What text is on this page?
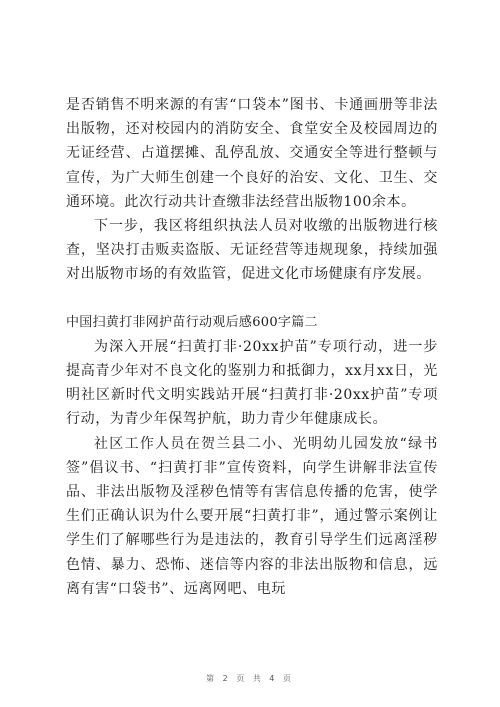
是否销售不明来源的有害“口袋本”图书、卡通画册等非法出版物，还对校园内的消防安全、食堂安全及校园周边的无证经营、占道摆摊、乱停乱放、交通安全等进行整顿与宣传，为广大师生创建一个良好的治安、文化、卫生、交通环境。此次行动共计查缴非法经营出版物100余本。

下一步，我区将组织执法人员对收缴的出版物进行核查，坚决打击贩卖盗版、无证经营等违规现象，持续加强对出版物市场的有效监管，促进文化市场健康有序发展。

中国扫黄打非网护苗行动观后感600字篇二

为深入开展“扫黄打非·20xx护苗”专项行动，进一步提高青少年对不良文化的鉴别力和抵御力，xx月xx日，光明社区新时代文明实践站开展“扫黄打非·20xx护苗”专项行动，为青少年保驾护航，助力青少年健康成长。

社区工作人员在贺兰县二小、光明幼儿园发放“绿书签”倡议书、“扫黄打非”宣传资料，向学生讲解非法宣传品、非法出版物及淫秽色情等有害信息传播的危害，使学生们正确认识为什么要开展“扫黄打非”，通过警示案例让学生们了解哪些行为是违法的，教育引导学生们远离淫秽色情、暴力、恐怖、迷信等内容的非法出版物和信息，远离有害“口袋书”、远离网吧、电玩

第 2 页 共 4 页
